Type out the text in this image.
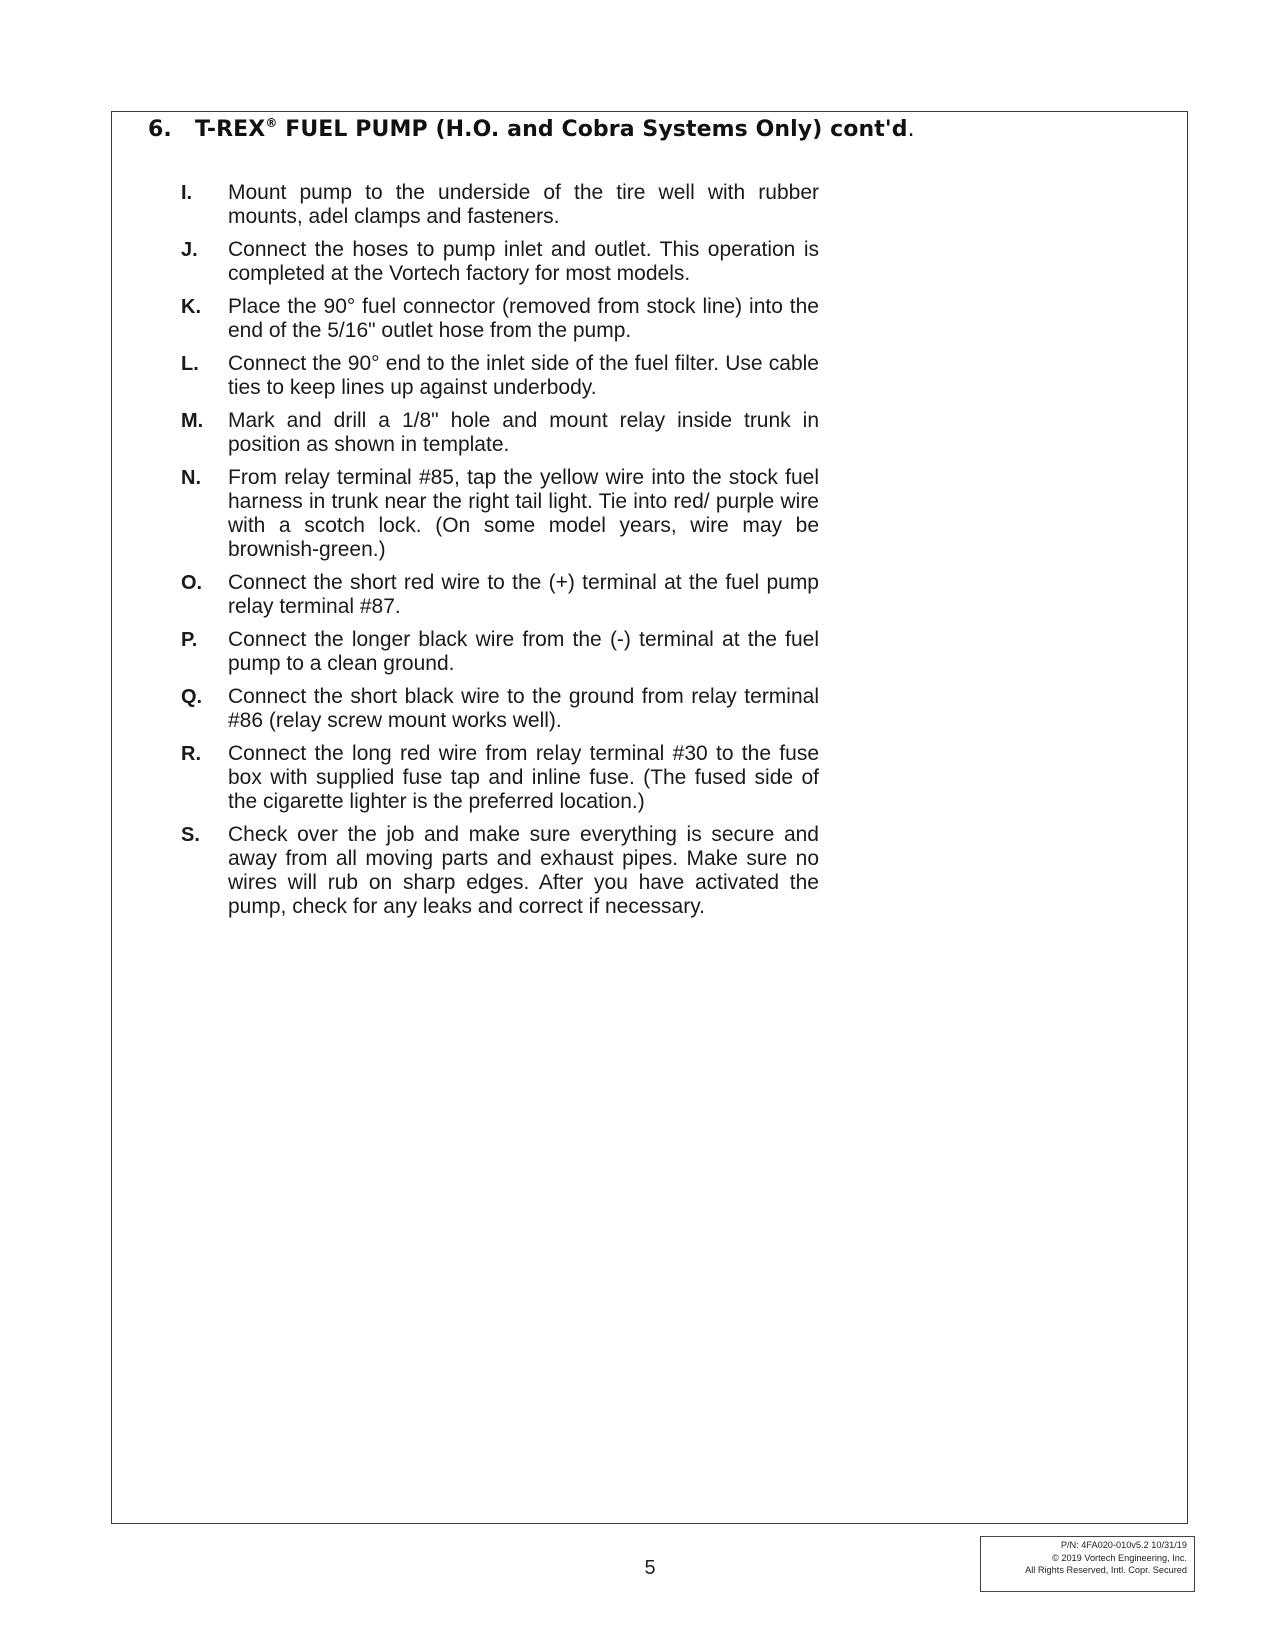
6. T-REX® FUEL PUMP (H.O. and Cobra Systems Only) cont'd.
I. Mount pump to the underside of the tire well with rubber mounts, adel clamps and fasteners.
J. Connect the hoses to pump inlet and outlet. This operation is completed at the Vortech factory for most models.
K. Place the 90° fuel connector (removed from stock line) into the end of the 5/16" outlet hose from the pump.
L. Connect the 90° end to the inlet side of the fuel filter. Use cable ties to keep lines up against underbody.
M. Mark and drill a 1/8" hole and mount relay inside trunk in position as shown in template.
N. From relay terminal #85, tap the yellow wire into the stock fuel harness in trunk near the right tail light. Tie into red/ purple wire with a scotch lock. (On some model years, wire may be brownish-green.)
O. Connect the short red wire to the (+) terminal at the fuel pump relay terminal #87.
P. Connect the longer black wire from the (-) terminal at the fuel pump to a clean ground.
Q. Connect the short black wire to the ground from relay terminal #86 (relay screw mount works well).
R. Connect the long red wire from relay terminal #30 to the fuse box with supplied fuse tap and inline fuse. (The fused side of the cigarette lighter is the preferred location.)
S. Check over the job and make sure everything is secure and away from all moving parts and exhaust pipes. Make sure no wires will rub on sharp edges. After you have activated the pump, check for any leaks and correct if necessary.
5
P/N: 4FA020-010v5.2 10/31/19
© 2019 Vortech Engineering, Inc.
All Rights Reserved, Intl. Copr. Secured
